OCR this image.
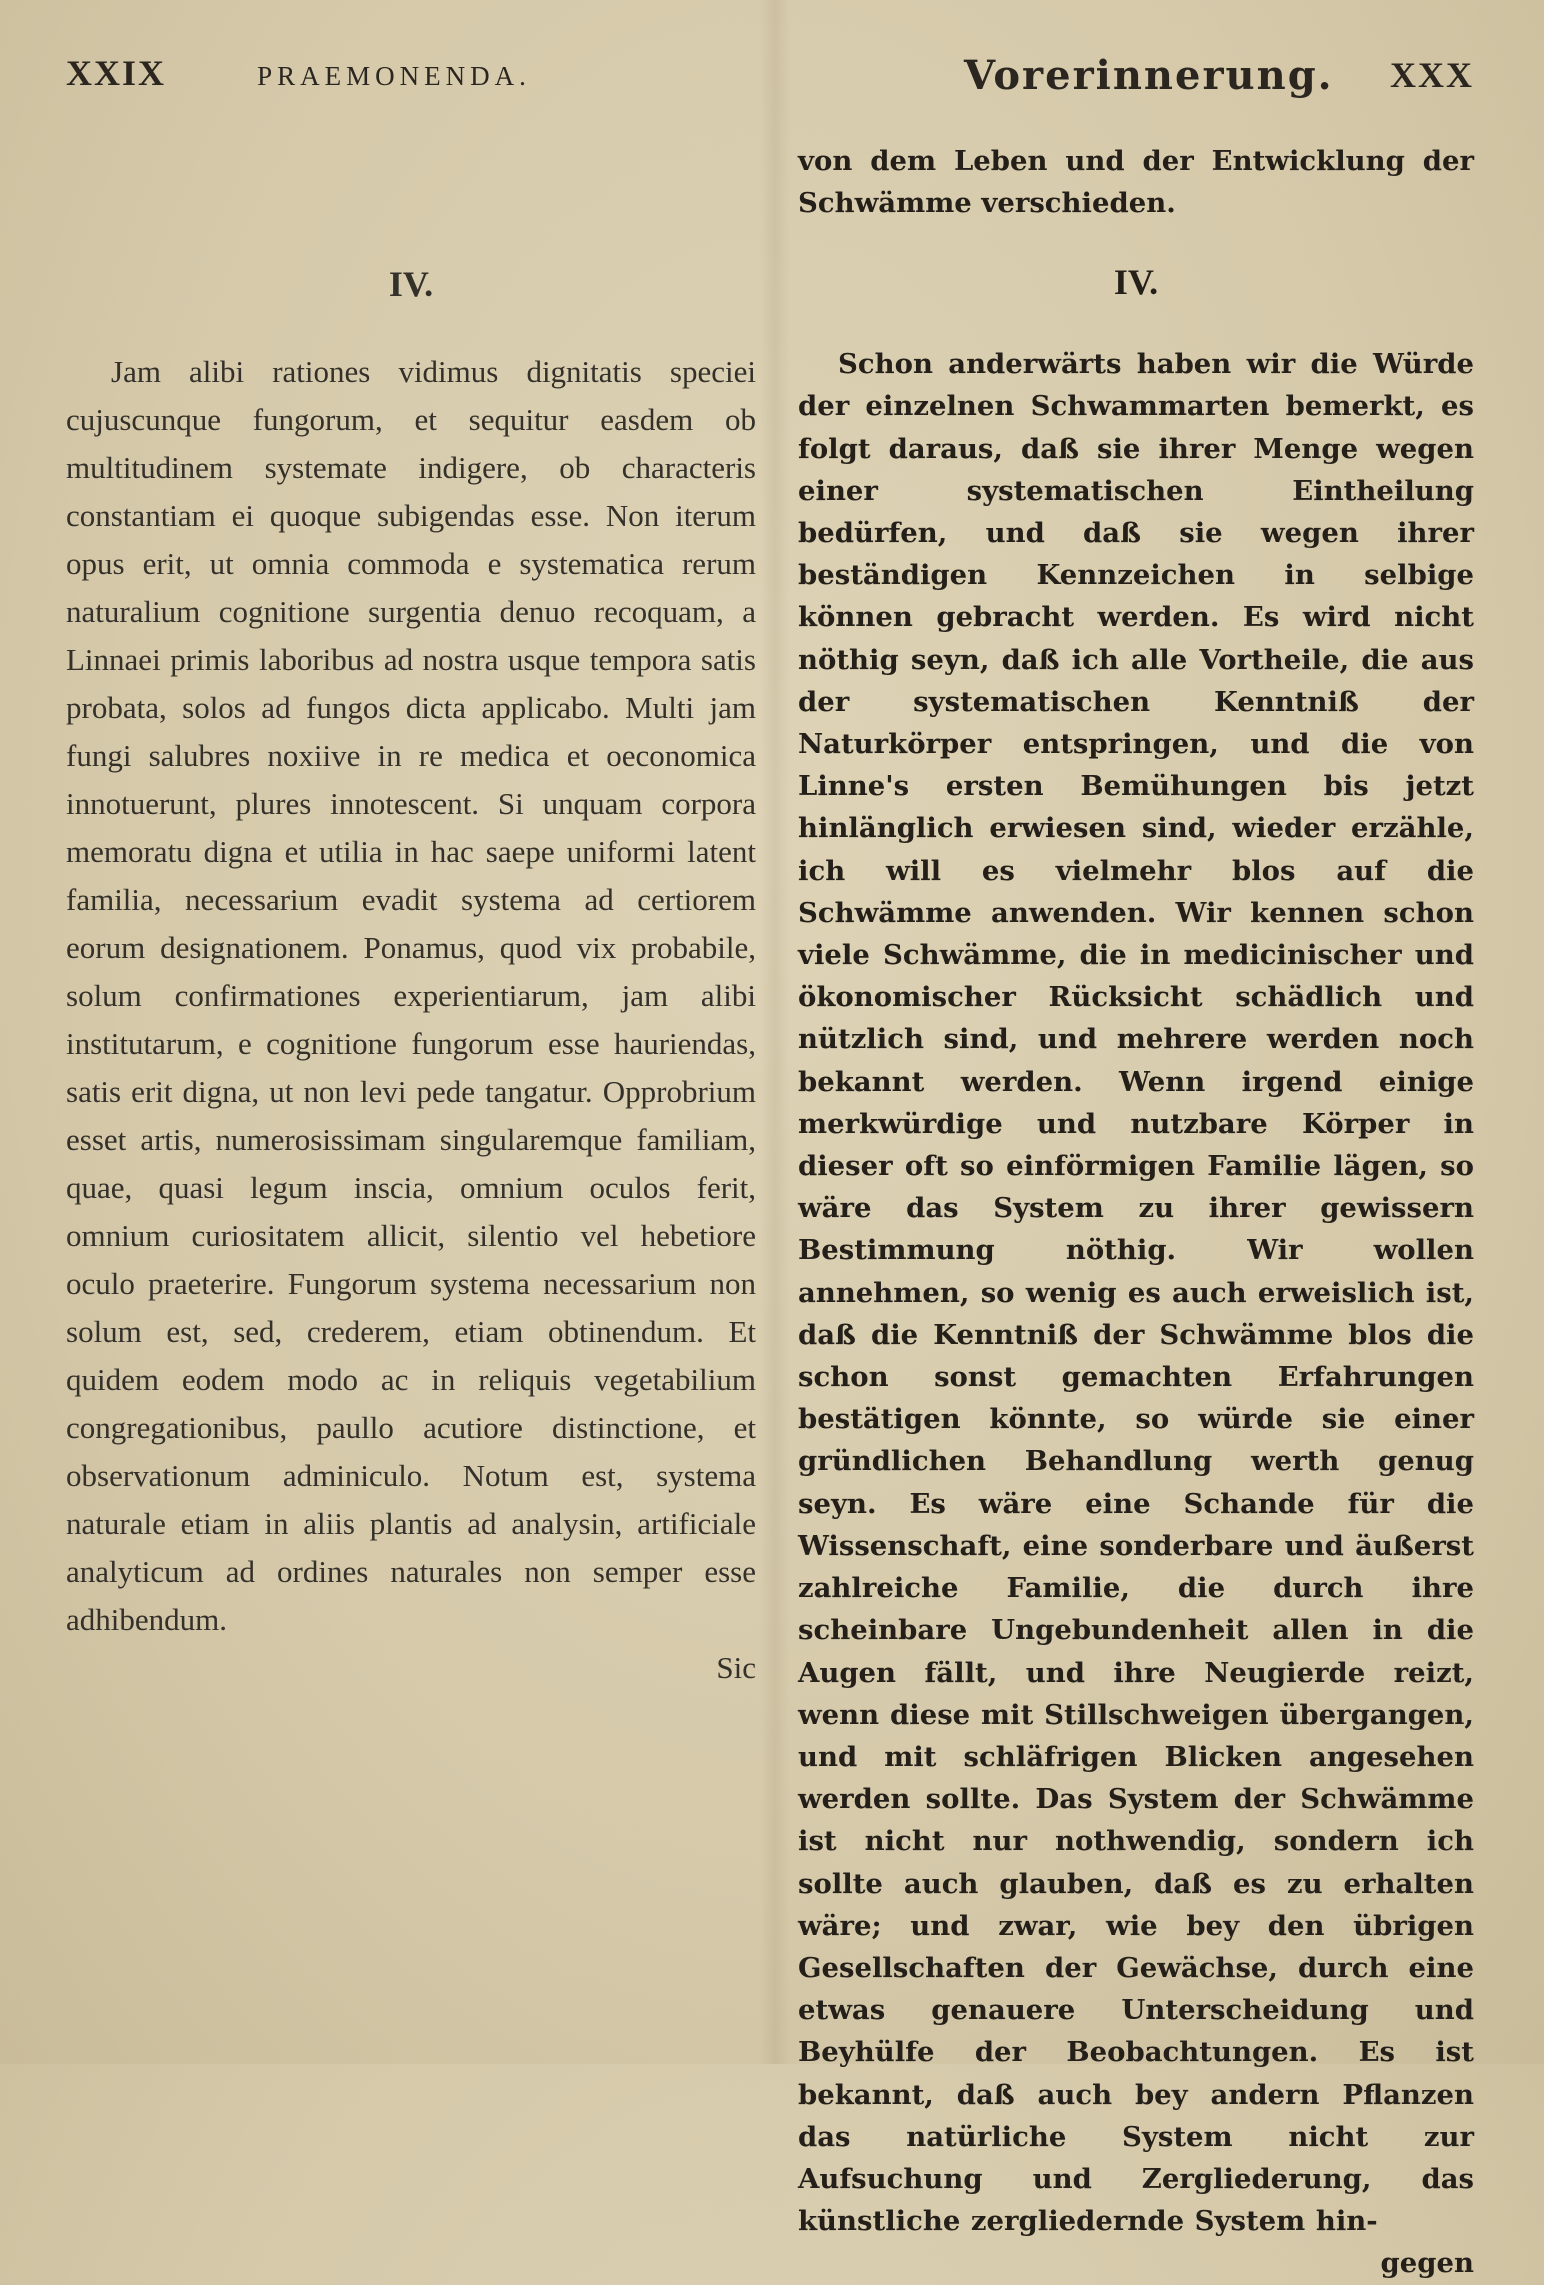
XXIX	PRAEMONENDA.	Vorerinnerung. XXX
IV.

Jam alibi rationes vidimus dignitatis speciei cujuscunque fungorum, et sequitur easdem ob multitudinem systemate indigere, ob characteris constantiam ei quoque subigendas esse. Non iterum opus erit, ut omnia commoda e systematica rerum naturalium cognitione surgentia denuo recoquam, a Linnaei primis laboribus ad nostra usque tempora satis probata, solos ad fungos dicta applicabo. Multi jam fungi salubres noxiive in re medica et oeconomica innotuerunt, plures innotescent. Si unquam corpora memoratu digna et utilia in hac saepe uniformi latent familia, necessarium evadit systema ad certiorem eorum designationem. Ponamus, quod vix probabile, solum confirmationes experientiarum, jam alibi institutarum, e cognitione fungorum esse hauriendas, satis erit digna, ut non levi pede tangatur. Opprobrium esset artis, numerosissimam singularemque familiam, quae, quasi legum inscia, omnium oculos ferit, omnium curiositatem allicit, silentio vel hebetiore oculo praeterire. Fungorum systema necessarium non solum est, sed, crederem, etiam obtinendum. Et quidem eodem modo ac in reliquis vegetabilium congregationibus, paullo acutiore distinctione, et observationum adminiculo. Notum est, systema naturale etiam in aliis plantis ad analysin, artificiale analyticum ad ordines naturales non semper esse adhibendum.

Sic
von dem Leben und der Entwicklung der Schwämme verschieden.
IV.

Schon anderwärts haben wir die Würde der einzelnen Schwammarten bemerkt, es folgt daraus, daß sie ihrer Menge wegen einer systematischen Eintheilung bedürfen, und daß sie wegen ihrer beständigen Kennzeichen in selbige können gebracht werden. Es wird nicht nöthig seyn, daß ich alle Vortheile, die aus der systematischen Kenntniß der Naturkörper entspringen, und die von Linne's ersten Bemühungen bis jetzt hinlänglich erwiesen sind, wieder erzähle, ich will es vielmehr blos auf die Schwämme anwenden. Wir kennen schon viele Schwämme, die in medicinischer und ökonomischer Rücksicht schädlich und nützlich sind, und mehrere werden noch bekannt werden. Wenn irgend einige merkwürdige und nutzbare Körper in dieser oft so einförmigen Familie lägen, so wäre das System zu ihrer gewissern Bestimmung nöthig. Wir wollen annehmen, so wenig es auch erweislich ist, daß die Kenntniß der Schwämme blos die schon sonst gemachten Erfahrungen bestätigen könnte, so würde sie einer gründlichen Behandlung werth genug seyn. Es wäre eine Schande für die Wissenschaft, eine sonderbare und äußerst zahlreiche Familie, die durch ihre scheinbare Ungebundenheit allen in die Augen fällt, und ihre Neugierde reizt, wenn diese mit Stillschweigen übergangen, und mit schläfrigen Blicken angesehen werden sollte. Das System der Schwämme ist nicht nur nothwendig, sondern ich sollte auch glauben, daß es zu erhalten wäre; und zwar, wie bey den übrigen Gesellschaften der Gewächse, durch eine etwas genauere Unterscheidung und Beyhülfe der Beobachtungen. Es ist bekannt, daß auch bey andern Pflanzen das natürliche System nicht zur Aufsuchung und Zergliederung, das künstliche zergliedernde System hin-

gegen
